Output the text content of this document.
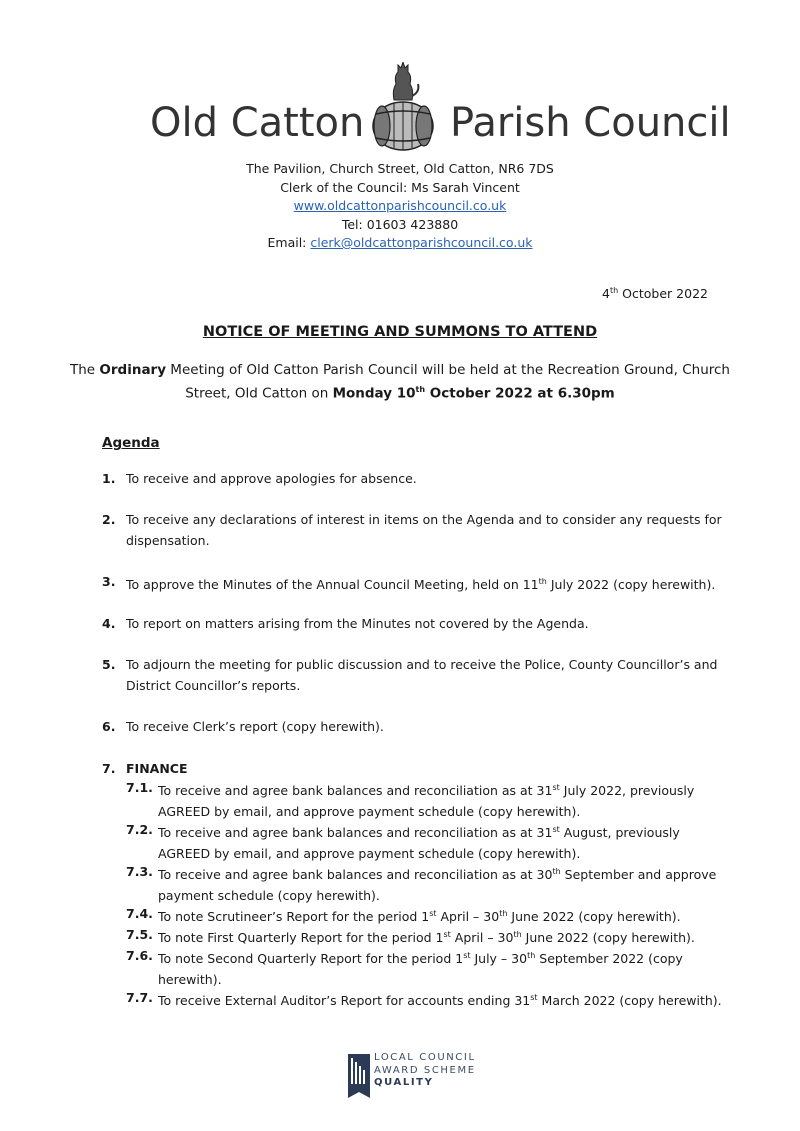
Old Catton Parish Council
The Pavilion, Church Street, Old Catton, NR6 7DS
Clerk of the Council: Ms Sarah Vincent
www.oldcattonparishcouncil.co.uk
Tel: 01603 423880
Email: clerk@oldcattonparishcouncil.co.uk
4th October 2022
NOTICE OF MEETING AND SUMMONS TO ATTEND
The Ordinary Meeting of Old Catton Parish Council will be held at the Recreation Ground, Church Street, Old Catton on Monday 10th October 2022 at 6.30pm
Agenda
1. To receive and approve apologies for absence.
2. To receive any declarations of interest in items on the Agenda and to consider any requests for dispensation.
3. To approve the Minutes of the Annual Council Meeting, held on 11th July 2022 (copy herewith).
4. To report on matters arising from the Minutes not covered by the Agenda.
5. To adjourn the meeting for public discussion and to receive the Police, County Councillor’s and District Councillor’s reports.
6. To receive Clerk’s report (copy herewith).
7. FINANCE
7.1. To receive and agree bank balances and reconciliation as at 31st July 2022, previously AGREED by email, and approve payment schedule (copy herewith).
7.2. To receive and agree bank balances and reconciliation as at 31st August, previously AGREED by email, and approve payment schedule (copy herewith).
7.3. To receive and agree bank balances and reconciliation as at 30th September and approve payment schedule (copy herewith).
7.4. To note Scrutineer’s Report for the period 1st April – 30th June 2022 (copy herewith).
7.5. To note First Quarterly Report for the period 1st April – 30th June 2022 (copy herewith).
7.6. To note Second Quarterly Report for the period 1st July – 30th September 2022 (copy herewith).
7.7. To receive External Auditor’s Report for accounts ending 31st March 2022 (copy herewith).
LOCAL COUNCIL
AWARD SCHEME
QUALITY
